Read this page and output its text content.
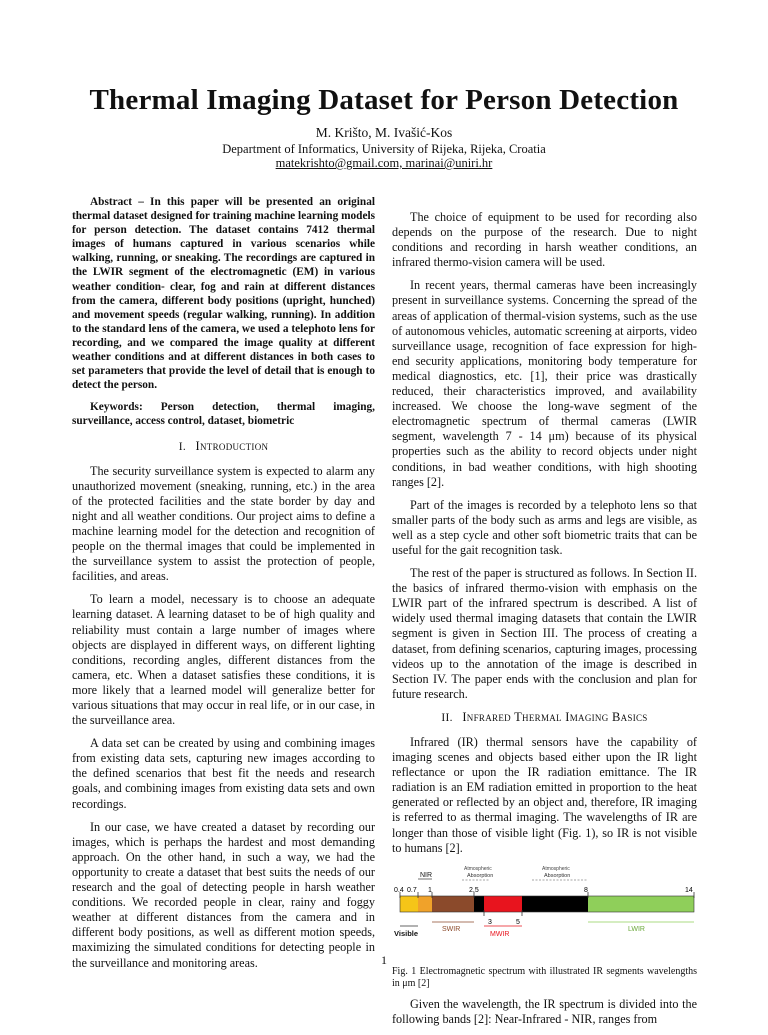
Thermal Imaging Dataset for Person Detection
M. Krišto, M. Ivašić-Kos
Department of Informatics, University of Rijeka, Rijeka, Croatia
matekrishto@gmail.com, marinai@uniri.hr

Abstract – In this paper will be presented an original thermal dataset designed for training machine learning models for person detection. The dataset contains 7412 thermal images of humans captured in various scenarios while walking, running, or sneaking. The recordings are captured in the LWIR segment of the electromagnetic (EM) in various weather condition- clear, fog and rain at different distances from the camera, different body positions (upright, hunched) and movement speeds (regular walking, running). In addition to the standard lens of the camera, we used a telephoto lens for recording, and we compared the image quality at different weather conditions and at different distances in both cases to set parameters that provide the level of detail that is enough to detect the person.

Keywords: Person detection, thermal imaging, surveillance, access control, dataset, biometric

I. Introduction

The security surveillance system is expected to alarm any unauthorized movement (sneaking, running, etc.) in the area of the protected facilities and the state border by day and night and all weather conditions. Our project aims to define a machine learning model for the detection and recognition of people on the thermal images that could be implemented in the surveillance system to assist the protection of people, facilities, and areas.

To learn a model, necessary is to choose an adequate learning dataset. A learning dataset to be of high quality and reliability must contain a large number of images where objects are displayed in different ways, on different lighting conditions, recording angles, different distances from the camera, etc. When a dataset satisfies these conditions, it is more likely that a learned model will generalize better for various situations that may occur in real life, or in our case, in the surveillance area.

A data set can be created by using and combining images from existing data sets, capturing new images according to the defined scenarios that best fit the needs and research goals, and combining images from existing data sets and own recordings.

In our case, we have created a dataset by recording our images, which is perhaps the hardest and most demanding approach. On the other hand, in such a way, we had the opportunity to create a dataset that best suits the needs of our research and the goal of detecting people in harsh weather conditions. We recorded people in clear, rainy and foggy weather at different distances from the camera and in different body positions, as well as different motion speeds, maximizing the simulated conditions for detecting people in the surveillance and monitoring areas.

The choice of equipment to be used for recording also depends on the purpose of the research. Due to night conditions and recording in harsh weather conditions, an infrared thermo-vision camera will be used.

In recent years, thermal cameras have been increasingly present in surveillance systems. Concerning the spread of the areas of application of thermal-vision systems, such as the use of autonomous vehicles, automatic screening at airports, video surveillance usage, recognition of face expression for high-end security applications, monitoring body temperature for medical diagnostics, etc. [1], their price was drastically reduced, their characteristics improved, and availability increased. We choose the long-wave segment of the electromagnetic spectrum of thermal cameras (LWIR segment, wavelength 7 - 14 μm) because of its physical properties such as the ability to record objects under night conditions, in bad weather conditions, with high shooting ranges [2].

Part of the images is recorded by a telephoto lens so that smaller parts of the body such as arms and legs are visible, as well as a step cycle and other soft biometric traits that can be useful for the gait recognition task.

The rest of the paper is structured as follows. In Section II. the basics of infrared thermo-vision with emphasis on the LWIR part of the infrared spectrum is described. A list of widely used thermal imaging datasets that contain the LWIR segment is given in Section III. The process of creating a dataset, from defining scenarios, capturing images, processing videos up to the annotation of the image is described in Section IV. The paper ends with the conclusion and plan for future research.

II. Infrared Thermal Imaging Basics

Infrared (IR) thermal sensors have the capability of imaging scenes and objects based either upon the IR light reflectance or upon the IR radiation emittance. The IR radiation is an EM radiation emitted in proportion to the heat generated or reflected by an object and, therefore, IR imaging is referred to as thermal imaging. The wavelengths of IR are longer than those of visible light (Fig. 1), so IR is not visible to humans [2].

Atmospheric
Absorption
Atmospheric
Absorption
NIR
0.4 0.7 1	2.5	8	14
3	5
Visible	SWIR
MWIR
LWIR
Fig. 1 Electromagnetic spectrum with illustrated IR segments wavelengths in μm [2]

Given the wavelength, the IR spectrum is divided into the following bands [2]: Near-Infrared - NIR, ranges from

1
